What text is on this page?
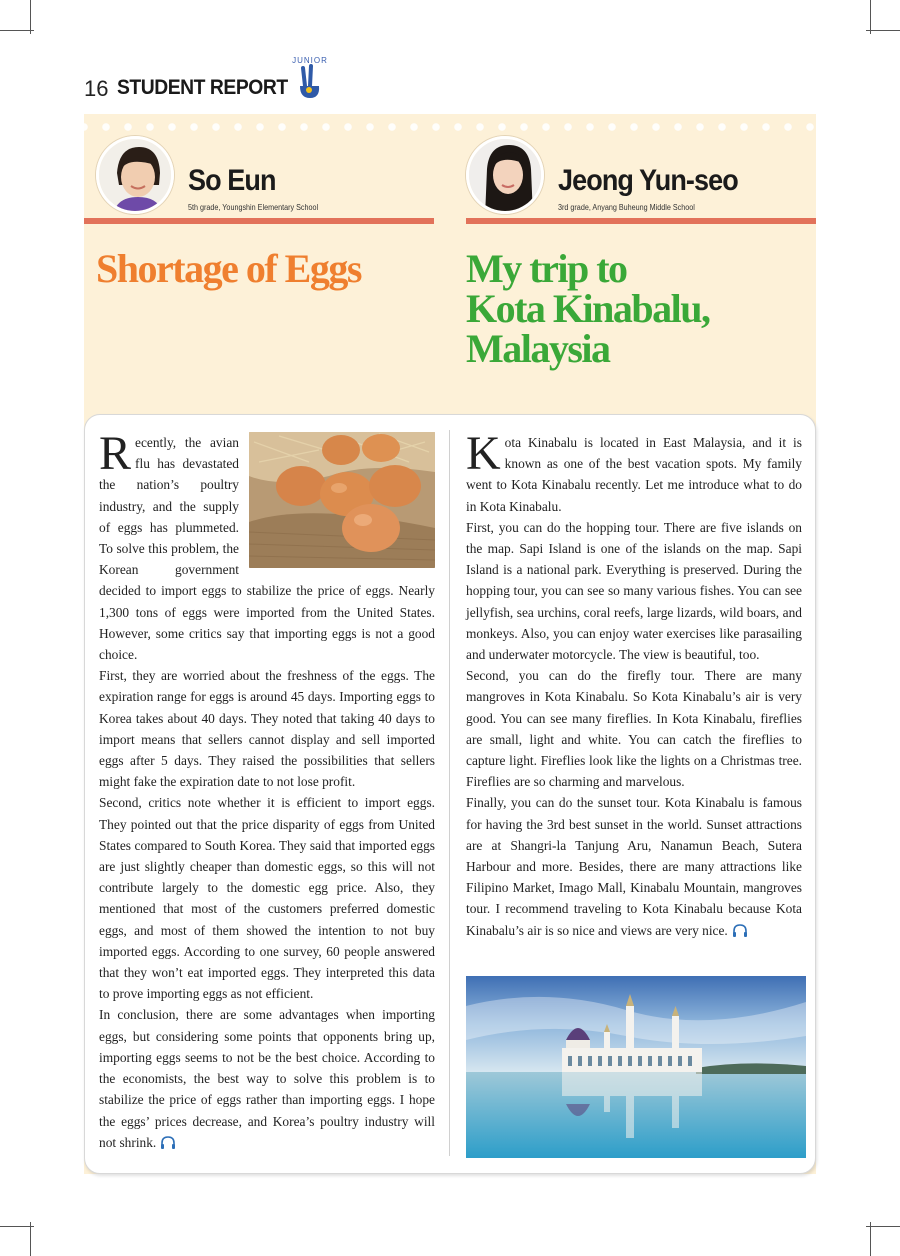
16 STUDENT REPORT
JUNIOR
So Eun
5th grade, Youngshin Elementary School
Jeong Yun-seo
3rd grade, Anyang Buheung Middle School
Shortage of Eggs	My trip to
Kota Kinabalu,
Malaysia

Recently, the avian flu has devastated the nation’s poultry industry, and the supply of eggs has plummeted. To solve this problem, the Korean government decided to import eggs to stabilize the price of eggs. Nearly 1,300 tons of eggs were imported from the United States. However, some critics say that importing eggs is not a good choice.

First, they are worried about the freshness of the eggs. The expiration range for eggs is around 45 days. Importing eggs to Korea takes about 40 days. They noted that taking 40 days to import means that sellers cannot display and sell imported eggs after 5 days. They raised the possibilities that sellers might fake the expiration date to not lose profit.

Second, critics note whether it is efficient to import eggs. They pointed out that the price disparity of eggs from United States compared to South Korea. They said that imported eggs are just slightly cheaper than domestic eggs, so this will not contribute largely to the domestic egg price. Also, they mentioned that most of the customers preferred domestic eggs, and most of them showed the intention to not buy imported eggs. According to one survey, 60 people answered that they won’t eat imported eggs. They interpreted this data to prove importing eggs as not efficient.

In conclusion, there are some advantages when importing eggs, but considering some points that opponents bring up, importing eggs seems to not be the best choice. According to the economists, the best way to solve this problem is to stabilize the price of eggs rather than importing eggs. I hope the eggs’ prices decrease, and Korea’s poultry industry will not shrink.

Kota Kinabalu is located in East Malaysia, and it is known as one of the best vacation spots. My family went to Kota Kinabalu recently. Let me introduce what to do in Kota Kinabalu.

First, you can do the hopping tour. There are five islands on the map. Sapi Island is one of the islands on the map. Sapi Island is a national park. Everything is preserved. During the hopping tour, you can see so many various fishes. You can see jellyfish, sea urchins, coral reefs, large lizards, wild boars, and monkeys. Also, you can enjoy water exercises like parasailing and underwater motorcycle. The view is beautiful, too.

Second, you can do the firefly tour. There are many mangroves in Kota Kinabalu. So Kota Kinabalu’s air is very good. You can see many fireflies. In Kota Kinabalu, fireflies are small, light and white. You can catch the fireflies to capture light. Fireflies look like the lights on a Christmas tree. Fireflies are so charming and marvelous.

Finally, you can do the sunset tour. Kota Kinabalu is famous for having the 3rd best sunset in the world. Sunset attractions are at Shangri-la Tanjung Aru, Nanamun Beach, Sutera Harbour and more. Besides, there are many attractions like Filipino Market, Imago Mall, Kinabalu Mountain, mangroves tour. I recommend traveling to Kota Kinabalu because Kota Kinabalu’s air is so nice and views are very nice.
